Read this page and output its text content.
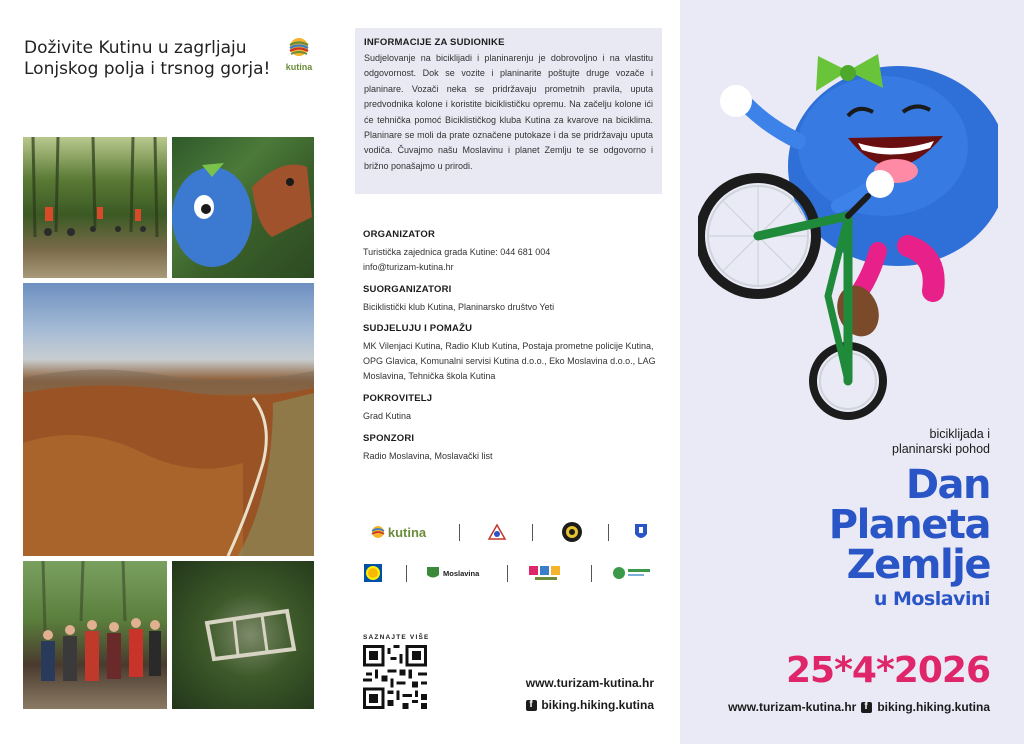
Doživite Kutinu u zagrljaju
Lonjskog polja i trsnog gorja!	kutina
INFORMACIJE ZA SUDIONIKE
Sudjelovanje na biciklijadi i planinarenju je dobrovoljno i na vlastitu odgovornost. Dok se vozite i planinarite poštujte druge vozače i planinare. Vozači neka se pridržavaju prometnih pravila, uputa predvodnika kolone i koristite biciklističku opremu. Na začelju kolone ići će tehnička pomoć Biciklističkog kluba Kutina za kvarove na biciklima. Planinare se moli da prate označene putokaze i da se pridržavaju uputa vodiča. Čuvajmo našu Moslavinu i planet Zemlju te se odgovorno i brižno ponašajmo u prirodi.
ORGANIZATOR

Turistička zajednica grada Kutine: 044 681 004

info@turizam-kutina.hr

SUORGANIZATORI

Biciklistički klub Kutina, Planinarsko društvo Yeti

SUDJELUJU I POMAŽU

MK Vilenjaci Kutina, Radio Klub Kutina, Postaja prometne policije Kutina, OPG Glavica, Komunalni servisi Kutina d.o.o., Eko Moslavina d.o.o., LAG Moslavina, Tehnička škola Kutina

POKROVITELJ

Grad Kutina

SPONZORI

Radio Moslavina, Moslavački list

kutina
Moslavina
SAZNAJTE VIŠE
www.turizam-kutina.hr
f
biking.hiking.kutina
biciklijada i
planinarski pohod
Dan
Planeta
Zemlje
u Moslavini
25*4*2026
www.turizam-kutina.hr
f biking.hiking.kutina
